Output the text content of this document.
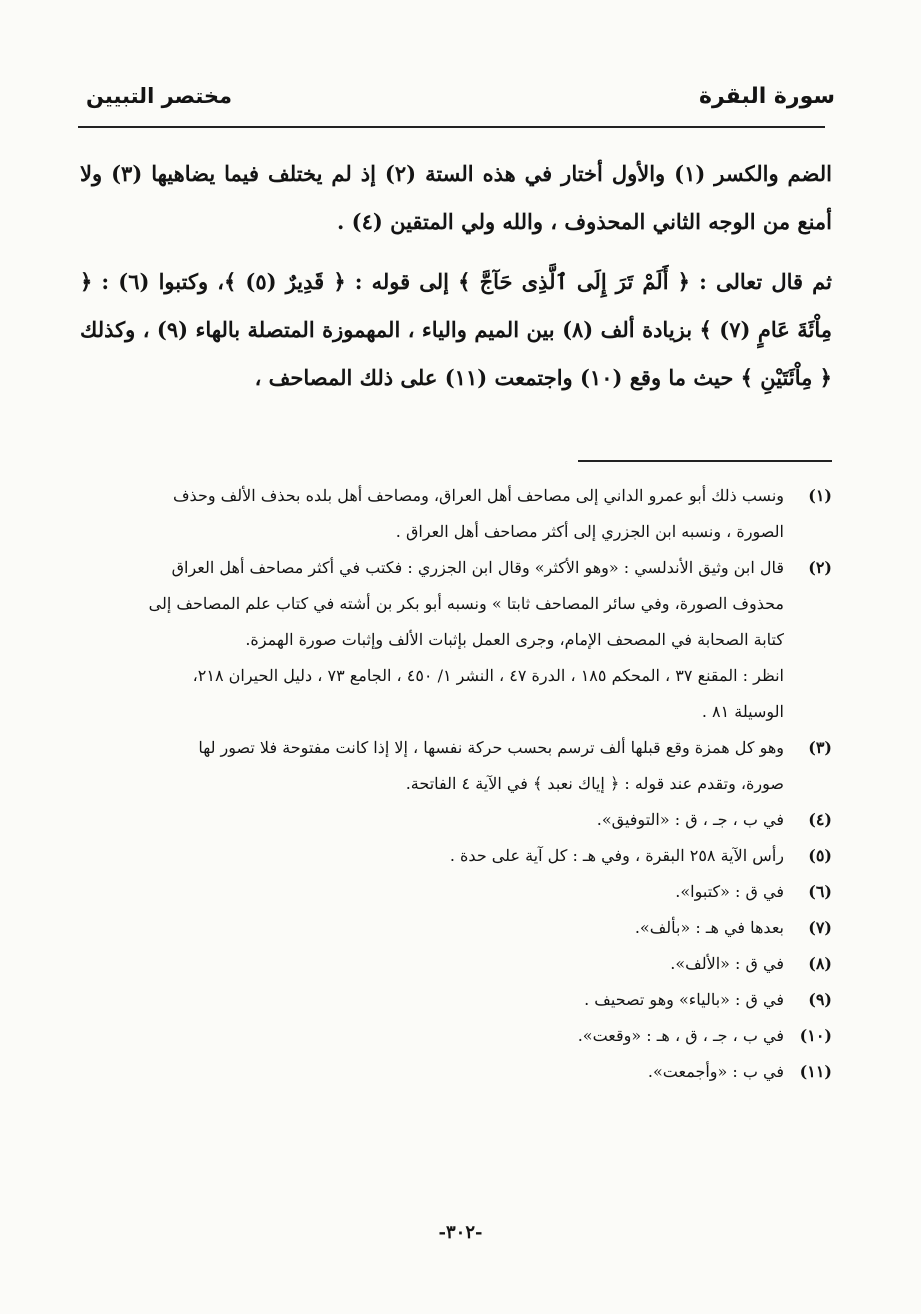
سورة البقرة
مختصر التبيين

الضم والكسر (١) والأول أختار في هذه الستة (٢) إذ لم يختلف فيما يضاهيها (٣) ولا أمنع من الوجه الثاني المحذوف ، والله ولي المتقين (٤) .

ثم قال تعالى : ﴿ أَلَمْ تَرَ إِلَى ٱلَّذِى حَآجَّ ﴾ إلى قوله : ﴿ قَدِيرٌ (٥) ﴾، وكتبوا (٦) : ﴿ مِاْئَةَ عَامٍ (٧) ﴾ بزيادة ألف (٨) بين الميم والياء ، المهموزة المتصلة بالهاء (٩) ، وكذلك ﴿ مِاْئَتَيْنِ ﴾ حيث ما وقع (١٠) واجتمعت (١١) على ذلك المصاحف ،

(١)
ونسب ذلك أبو عمرو الداني إلى مصاحف أهل العراق، ومصاحف أهل بلده بحذف الألف وحذف
الصورة ، ونسبه ابن الجزري إلى أكثر مصاحف أهل العراق .
(٢)
قال ابن وثيق الأندلسي : «وهو الأكثر» وقال ابن الجزري : فكتب في أكثر مصاحف أهل العراق
محذوف الصورة، وفي سائر المصاحف ثابتا » ونسبه أبو بكر بن أشته في كتاب علم المصاحف إلى
كتابة الصحابة في المصحف الإمام، وجرى العمل بإثبات الألف وإثبات صورة الهمزة.
انظر : المقنع ٣٧ ، المحكم ١٨٥ ، الدرة ٤٧ ، النشر ١/ ٤٥٠ ، الجامع ٧٣ ، دليل الحيران ٢١٨،
الوسيلة ٨١ .
(٣)
وهو كل همزة وقع قبلها ألف ترسم بحسب حركة نفسها ، إلا إذا كانت مفتوحة فلا تصور لها
صورة، وتقدم عند قوله : ﴿ إياك نعبد ﴾ في الآية ٤ الفاتحة.
(٤)
في ب ، جـ ، ق : «التوفيق».
(٥)
رأس الآية ٢٥٨ البقرة ، وفي هـ : كل آية على حدة .
(٦)
في ق : «كتبوا».
(٧)
بعدها في هـ : «بألف».
(٨)
في ق : «الألف».
(٩)
في ق : «بالياء» وهو تصحيف .
(١٠)
في ب ، جـ ، ق ، هـ : «وقعت».
(١١)
في ب : «وأجمعت».
-٣٠٢-
